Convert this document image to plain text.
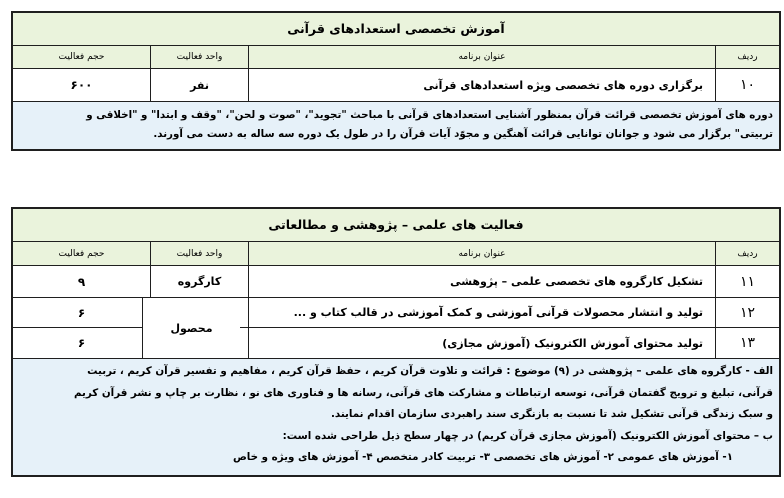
آموزش تخصصی استعدادهای قرآنی
ردیف
عنوان برنامه
واحد فعالیت
حجم فعالیت
۱۰
برگزاری دوره های تخصصی ویژه استعدادهای قرآنی
نفر
۶۰۰

دوره های آموزش تخصصی قرائت قرآن بمنظور آشنایی استعدادهای قرآنی با مباحث "تجوید"، "صوت و لحن"، "وقف و ابتدا" و "اخلاقی و

تربیتی" برگزار می شود و جوانان توانایی قرائت آهنگین و مجوّد آیات قرآن را در طول یک دوره سه ساله به دست می آورند.

فعالیت های علمی – پژوهشی و مطالعاتی
ردیف
عنوان برنامه
واحد فعالیت
حجم فعالیت
۱۱
تشکیل کارگروه های تخصصی علمی – پژوهشی
کارگروه
۹
۱۲
تولید و انتشار محصولات قرآنی آموزشی و کمک آموزشی در قالب کتاب و ...
۶
۱۳
تولید محتوای آموزش الکترونیک (آموزش مجازی)
۶
محصول

الف - کارگروه های علمی – پژوهشی در (۹) موضوع : قرائت و تلاوت قرآن کریم ، حفظ قرآن کریم ، مفاهیم و تفسیر قرآن کریم ، تربیت

قرآنی، تبلیغ و ترویج گفتمان قرآنی، توسعه ارتباطات و مشارکت های قرآنی، رسانه ها و فناوری های نو ، نظارت بر چاپ و نشر قرآن کریم

و سبک زندگی قرآنی تشکیل شد تا نسبت به بازنگری سند راهبردی سازمان اقدام نمایند.

ب – محتوای آموزش الکترونیک (آموزش مجازی قرآن کریم) در چهار سطح ذیل طراحی شده است:

۱- آموزش های عمومی ۲- آموزش های تخصصی ۳- تربیت کادر متخصص ۴- آموزش های ویژه و خاص
